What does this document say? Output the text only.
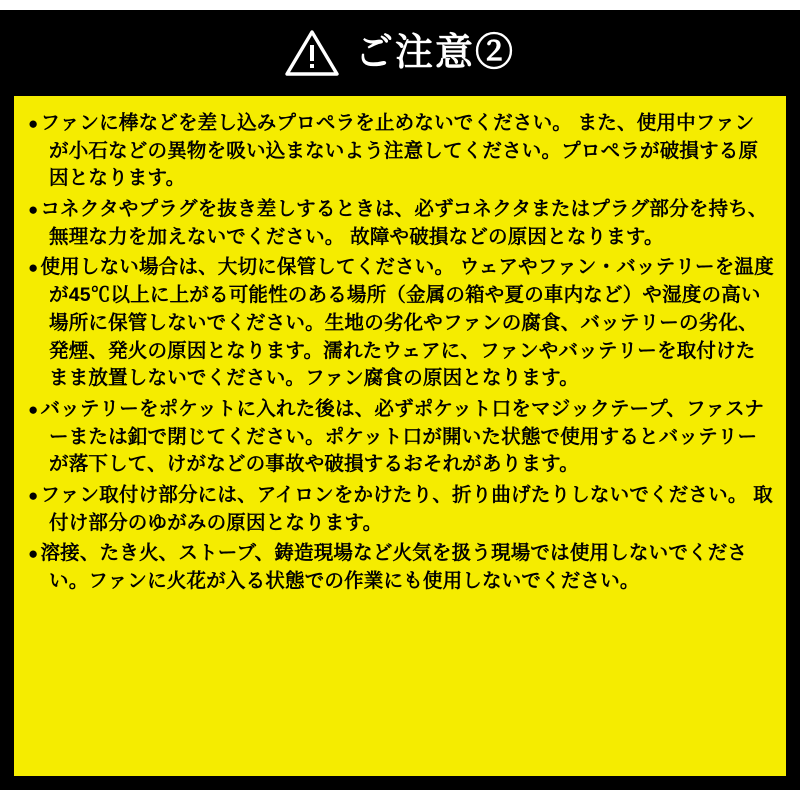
ご注意②

● ファンに棒などを差し込みプロペラを止めないでください。 また、使用中ファンが小石などの異物を吸い込まないよう注意してください。プロペラが破損する原因となります。

● コネクタやプラグを抜き差しするときは、必ずコネクタまたはプラグ部分を持ち、無理な力を加えないでください。 故障や破損などの原因となります。

● 使用しない場合は、大切に保管してください。 ウェアやファン・バッテリーを温度が45℃以上に上がる可能性のある場所（金属の箱や夏の車内など）や湿度の高い場所に保管しないでください。生地の劣化やファンの腐食、バッテリーの劣化、発煙、発火の原因となります。濡れたウェアに、ファンやバッテリーを取付けたまま放置しないでください。ファン腐食の原因となります。

● バッテリーをポケットに入れた後は、必ずポケット口をマジックテープ、ファスナーまたは釦で閉じてください。ポケット口が開いた状態で使用するとバッテリーが落下して、けがなどの事故や破損するおそれがあります。

● ファン取付け部分には、アイロンをかけたり、折り曲げたりしないでください。 取付け部分のゆがみの原因となります。

● 溶接、たき火、ストーブ、鋳造現場など火気を扱う現場では使用しないでください。ファンに火花が入る状態での作業にも使用しないでください。
